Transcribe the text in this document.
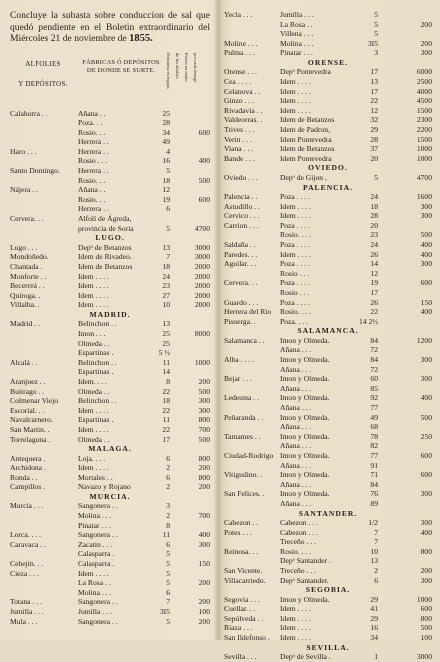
Concluye la subasta sobre conduccion de sal que quedó pendiente en el Boletin extraordinario del Miércoles 21 de noviembre de 1855.
ALFOLIES
Y DEPÓSITOS.
FÁBRICAS Ó DEPÓSITOS DE DONDE SE SURTE.	Distancia en leguas de los alfolíes Precio en reales por cada fanega
Calahorra . .	Añana . .	25
Poza. . .	28
Rosio. . .	34	600
Herrera . .	49
Haro . . .	Herrera . .	4
Rosio . . .	16	400
Santo Domingo. Herrera . .	5
Rosio. . .	18	500
Nájera . .	Añana . .	12
Rosio. . .	19	600
Herrera . .	6
Cervera. . .	Alfolí de Ágreda,
provincia de Soria	5	4700
LUGO.
Lugo . . .	Depᵒ de Betanzos	13	3000
Mondoñedo.	Idem de Rivadeo.	7	3000
Chantada .	Idem de Betanzos	18	2000
Monforte . .	Idem . . . .	24	2000
Becerreá . .	Idem . . . .	23	2000
Quiroga. .	Idem . . . .	27	2000
Villalba. .	Idem . . . .	10	2000
MADRID.
Madrid . .	Belinchon . .	13
Imon . . .	25	8000
Olmeda . .	25
Espartinas .	5 ½
Alcalá . .	Belinchon . .	11	1000
Espartinas .	14
Aranjuez . .	Idem. . . .	8	200
Buitrago . .	Olmeda . .	22	500
Colmenar Viejo	Belinchon . .	18	300
Escorial. . .	Idem . . . .	22	300
Navalcarnero.	Espartinas .	11	800
San Martin. .	Idem . . . .	22	700
Torrelaguna .	Olmeda . .	17	500
MALAGA.
Antequera .	Loja. . . .	6	800
Archidona .	Idem . . . .	2	200
Ronda . .	Mortales . .	6	800
Campillos .	Navazo y Rojano	2	200
MURCIA.
Murcia . . .	Sangonera . .	3
Molina . . .	2	700
Pinatar . . .	8
Lorca. . . .	Sangonera . .	11	400
Caravaca . .	Zacatin . . .	6	300
Calasparra .	5
Cehejin. . .	Calasparra .	5	150
Cieza . . .	Idem . . . .	5
La Rosa . .	5	200
Molina . . .	6
Totana . . .	Sangonera . .	7	200
Jumilla . . .	Jumilla . . .	3I5	100
Mula . . .	Sangonera . .	5	200
Yecla . . .	Jumilla . . .	5
La Rosa . .	5	200
Villena . . .	5
Moline . . .	Molina . . .	3I5	200
Pulma . . .	Pinatar . . .	3	300
ORENSE.
Orense . . .	Depᵒ Pontevedra	17	6000
Cea . . . .	Idem . . . .	13	2500
Celanova . .	Idem . . . .	17	4000
Ginzo . . .	Idem . . . .	22	4500
Rivadavia . . Idem . . . .	12	1500
Valdeorras. . Idem de Betanzos	32	2300
Trives . . .	Idem de Padron,	29	2200
Verin . . .	Idem Pontevedra	28	1500
Viana . . .	Idem de Betanzos	37	1000
Bande . . .	Idem Pontevedra	20	1000
OVIEDO.
Oviedo . . .	Depᵒ de Gijon ,	5	4700
PALENCIA.
Palencia . .	Poza . . . .	24	1600
Astudillo . .	Idem . . . .	18	300
Cervico . . .	Idem . . . .	28	300
Carrion . . .	Poza . . . .	20
Rosio. . . .	23	500
Saldaña . .	Poza . . . .	24	400
Paredes. . .	Idem . . . .	26	400
Aguilar. . .	Poza . . . .	14	300
Rosio . . .	12
Cervera. . .	Poza . . . .	19	600
Rosio . . .	17
Guardo . . .	Poza . . . .	26	150
Herrera del Rio Rosio. . . .	22	400
Pisuerga. .	Poza. . . .	14 2½
SALAMANCA.
Salamanca . . Imon y Olmeda.	84	1200
Añana . . .	72
Alba . . . .	Imon y Olmeda.	84	300
Añana . . .	72
Bejar . . .	Imon y Olmeda.	60	300
Añana . . .	85
Ledesma . .	Imon y Olmeda.	92	400
Añana . . .	77
Peñaranda . . Imon y Olmeda.	49	500
Añana . . .	68
Tamames . .	Imon y Olmeda.	78	250
Añana . . .	82
Ciudad-Rodrigo Imon y Olmeda.	77	600
Añana . . .	91
Vitigudino. . Imon y Olmeda.	71	600
Añana . . .	84
San Felices. . Imon y Olmeda.	76	300
Añana . . .	89
SANTANDER.
Cabezon . .	Cabezon . . .	1/2	300
Potes . . .	Cabezon . . .	7	400
Treceño . . .	7
Reinosa. . .	Rosio. . . .	10	800
Depᵒ Santander .	13
San Vicente. Treceño . . .	2	200
Villacarriedo. Depᵒ Santander.	6	300
SEGOBIA.
Segovia . . .	Imon y Olmeda.	29	1000
Cuellar. . .	Idem . . . .	41	600
Sepúlveda . . Idem . . . .	29	800
Riaza . . .	Idem . . . .	16	500
San Ildefonso . Idem . . . .	34	100
SEVILLA.
Sevilla . . .	Depᵒ de Sevilla .	1	3000
